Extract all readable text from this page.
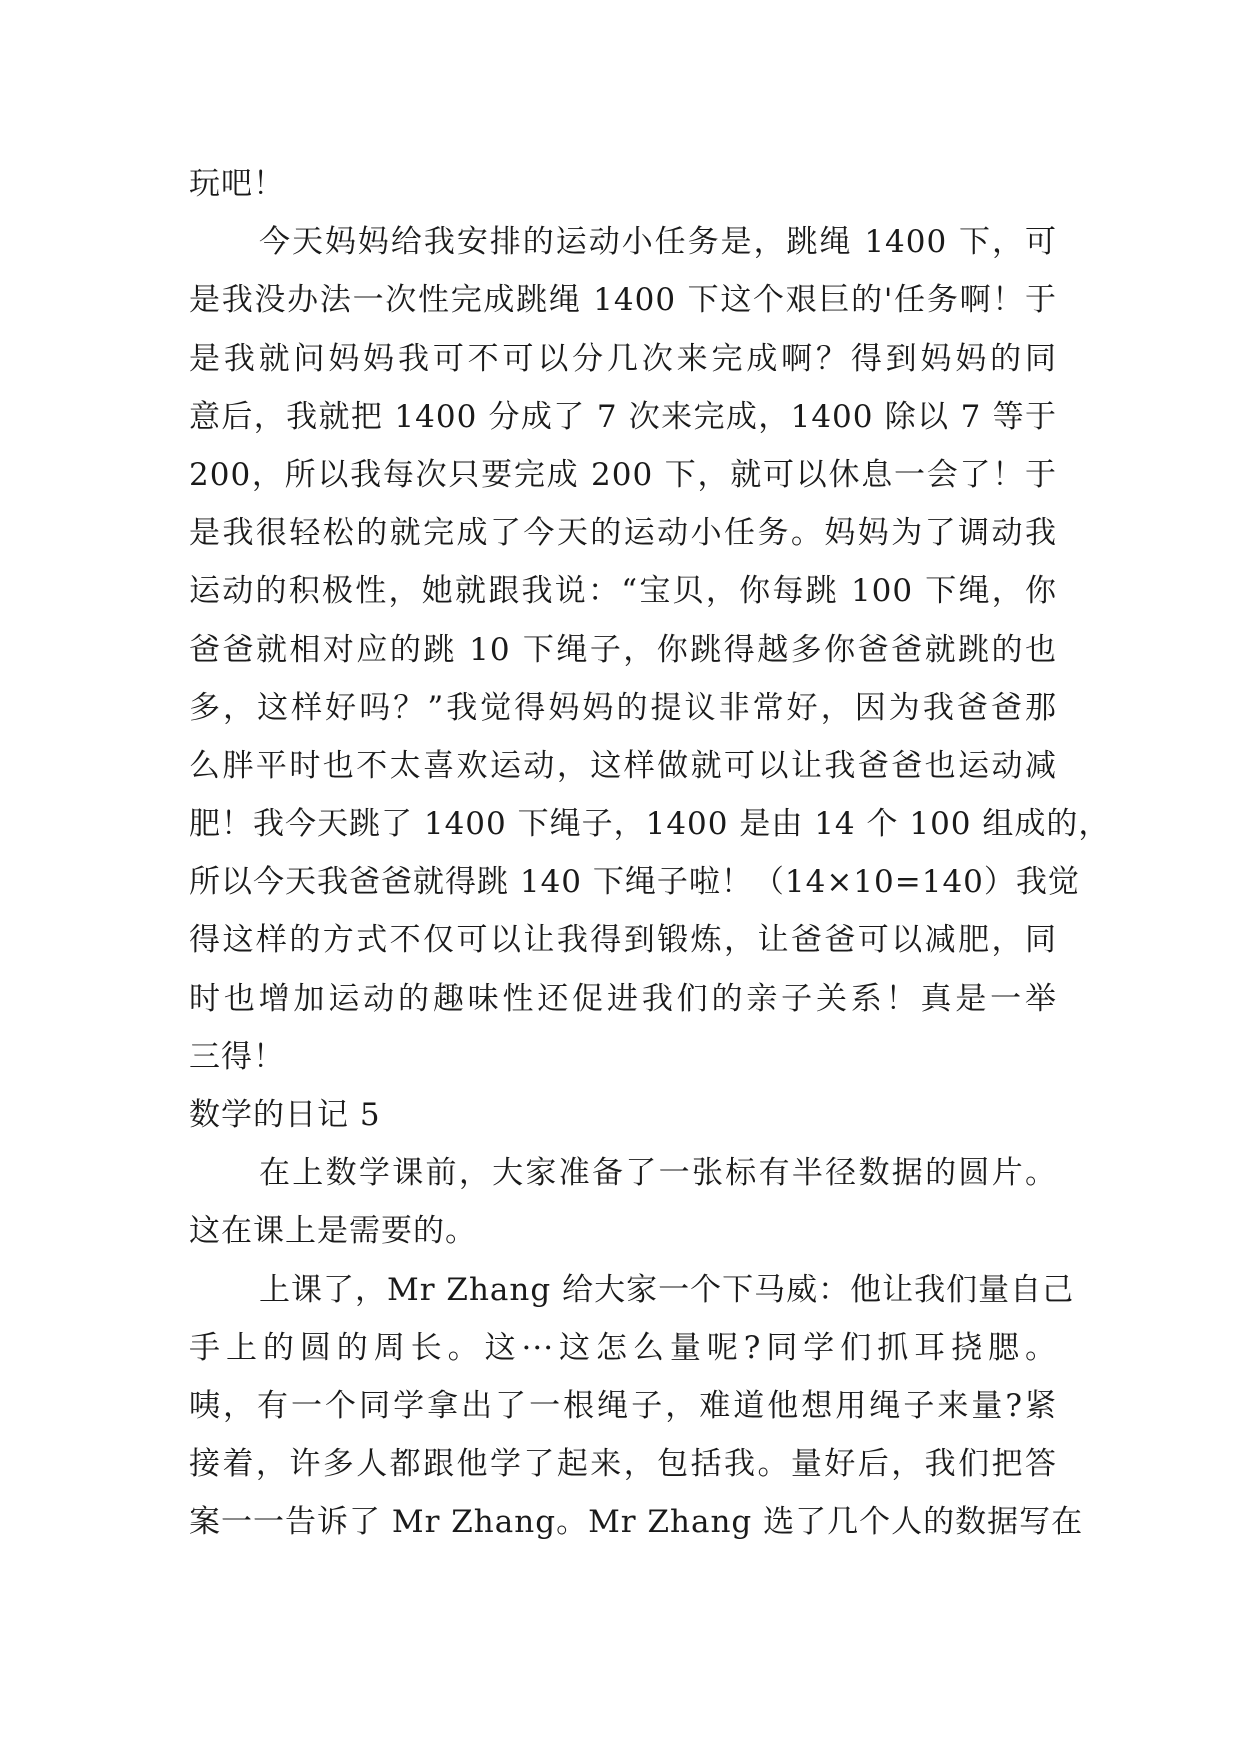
玩吧！
今天妈妈给我安排的运动小任务是，跳绳 1400 下，可
是我没办法一次性完成跳绳 1400 下这个艰巨的'任务啊！于
是我就问妈妈我可不可以分几次来完成啊？得到妈妈的同
意后，我就把 1400 分成了 7 次来完成，1400 除以 7 等于
200，所以我每次只要完成 200 下，就可以休息一会了！于
是我很轻松的就完成了今天的运动小任务。妈妈为了调动我
运动的积极性，她就跟我说：“宝贝，你每跳 100 下绳，你
爸爸就相对应的跳 10 下绳子，你跳得越多你爸爸就跳的也
多，这样好吗？”我觉得妈妈的提议非常好，因为我爸爸那
么胖平时也不太喜欢运动，这样做就可以让我爸爸也运动减
肥！我今天跳了 1400 下绳子，1400 是由 14 个 100 组成的，
所以今天我爸爸就得跳 140 下绳子啦！（14×10=140）我觉
得这样的方式不仅可以让我得到锻炼，让爸爸可以减肥，同
时也增加运动的趣味性还促进我们的亲子关系！真是一举
三得！
数学的日记 5
在上数学课前，大家准备了一张标有半径数据的圆片。
这在课上是需要的。
上课了，Mr Zhang 给大家一个下马威：他让我们量自己
手上的圆的周长。这···这怎么量呢?同学们抓耳挠腮。
咦，有一个同学拿出了一根绳子，难道他想用绳子来量?紧
接着，许多人都跟他学了起来，包括我。量好后，我们把答
案一一告诉了 Mr Zhang。Mr Zhang 选了几个人的数据写在
